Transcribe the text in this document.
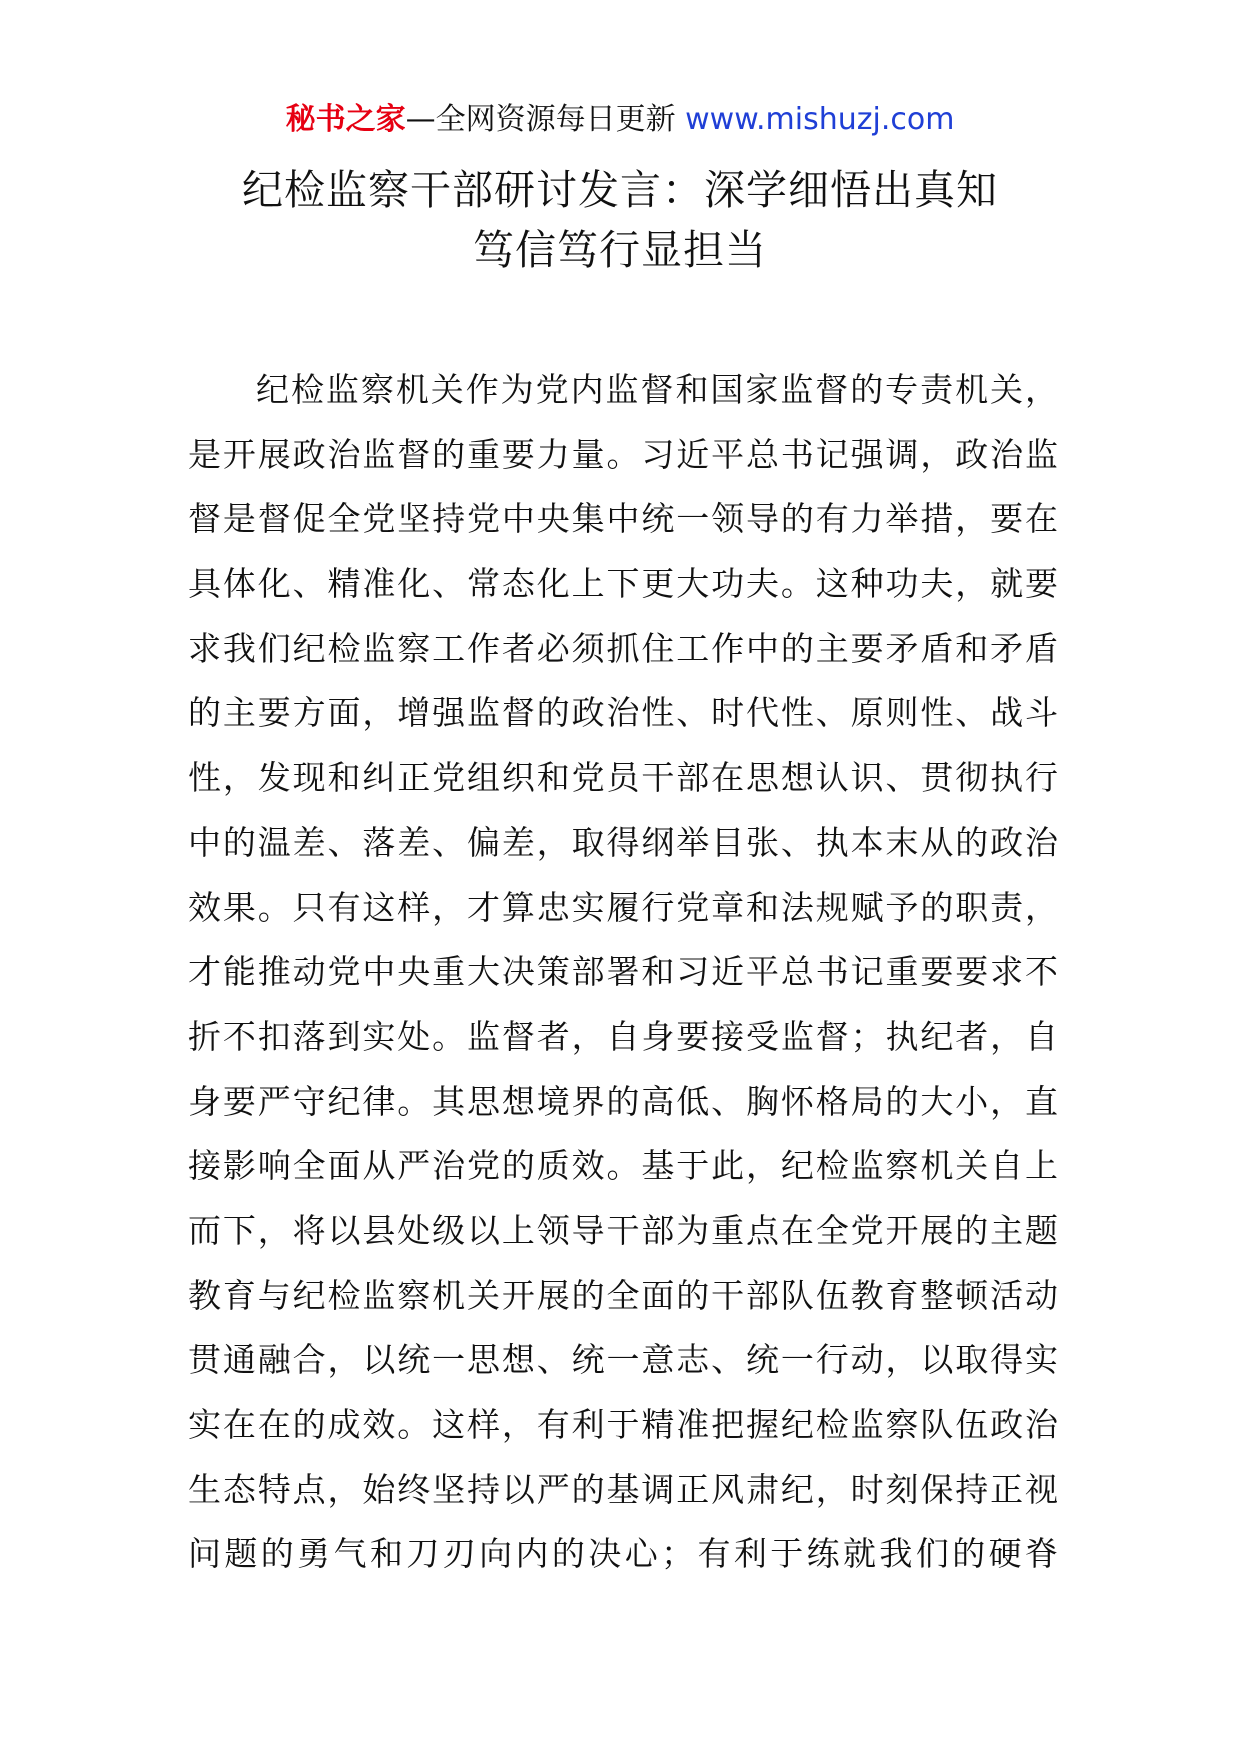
秘书之家—全网资源每日更新 www.mishuzj.com
纪检监察干部研讨发言：深学细悟出真知
笃信笃行显担当
纪检监察机关作为党内监督和国家监督的专责机关，
是开展政治监督的重要力量。习近平总书记强调，政治监
督是督促全党坚持党中央集中统一领导的有力举措，要在
具体化、精准化、常态化上下更大功夫。这种功夫，就要
求我们纪检监察工作者必须抓住工作中的主要矛盾和矛盾
的主要方面，增强监督的政治性、时代性、原则性、战斗
性，发现和纠正党组织和党员干部在思想认识、贯彻执行
中的温差、落差、偏差，取得纲举目张、执本末从的政治
效果。只有这样，才算忠实履行党章和法规赋予的职责，
才能推动党中央重大决策部署和习近平总书记重要要求不
折不扣落到实处。监督者，自身要接受监督；执纪者，自
身要严守纪律。其思想境界的高低、胸怀格局的大小，直
接影响全面从严治党的质效。基于此，纪检监察机关自上
而下，将以县处级以上领导干部为重点在全党开展的主题
教育与纪检监察机关开展的全面的干部队伍教育整顿活动
贯通融合，以统一思想、统一意志、统一行动，以取得实
实在在的成效。这样，有利于精准把握纪检监察队伍政治
生态特点，始终坚持以严的基调正风肃纪，时刻保持正视
问题的勇气和刀刃向内的决心；有利于练就我们的硬脊
